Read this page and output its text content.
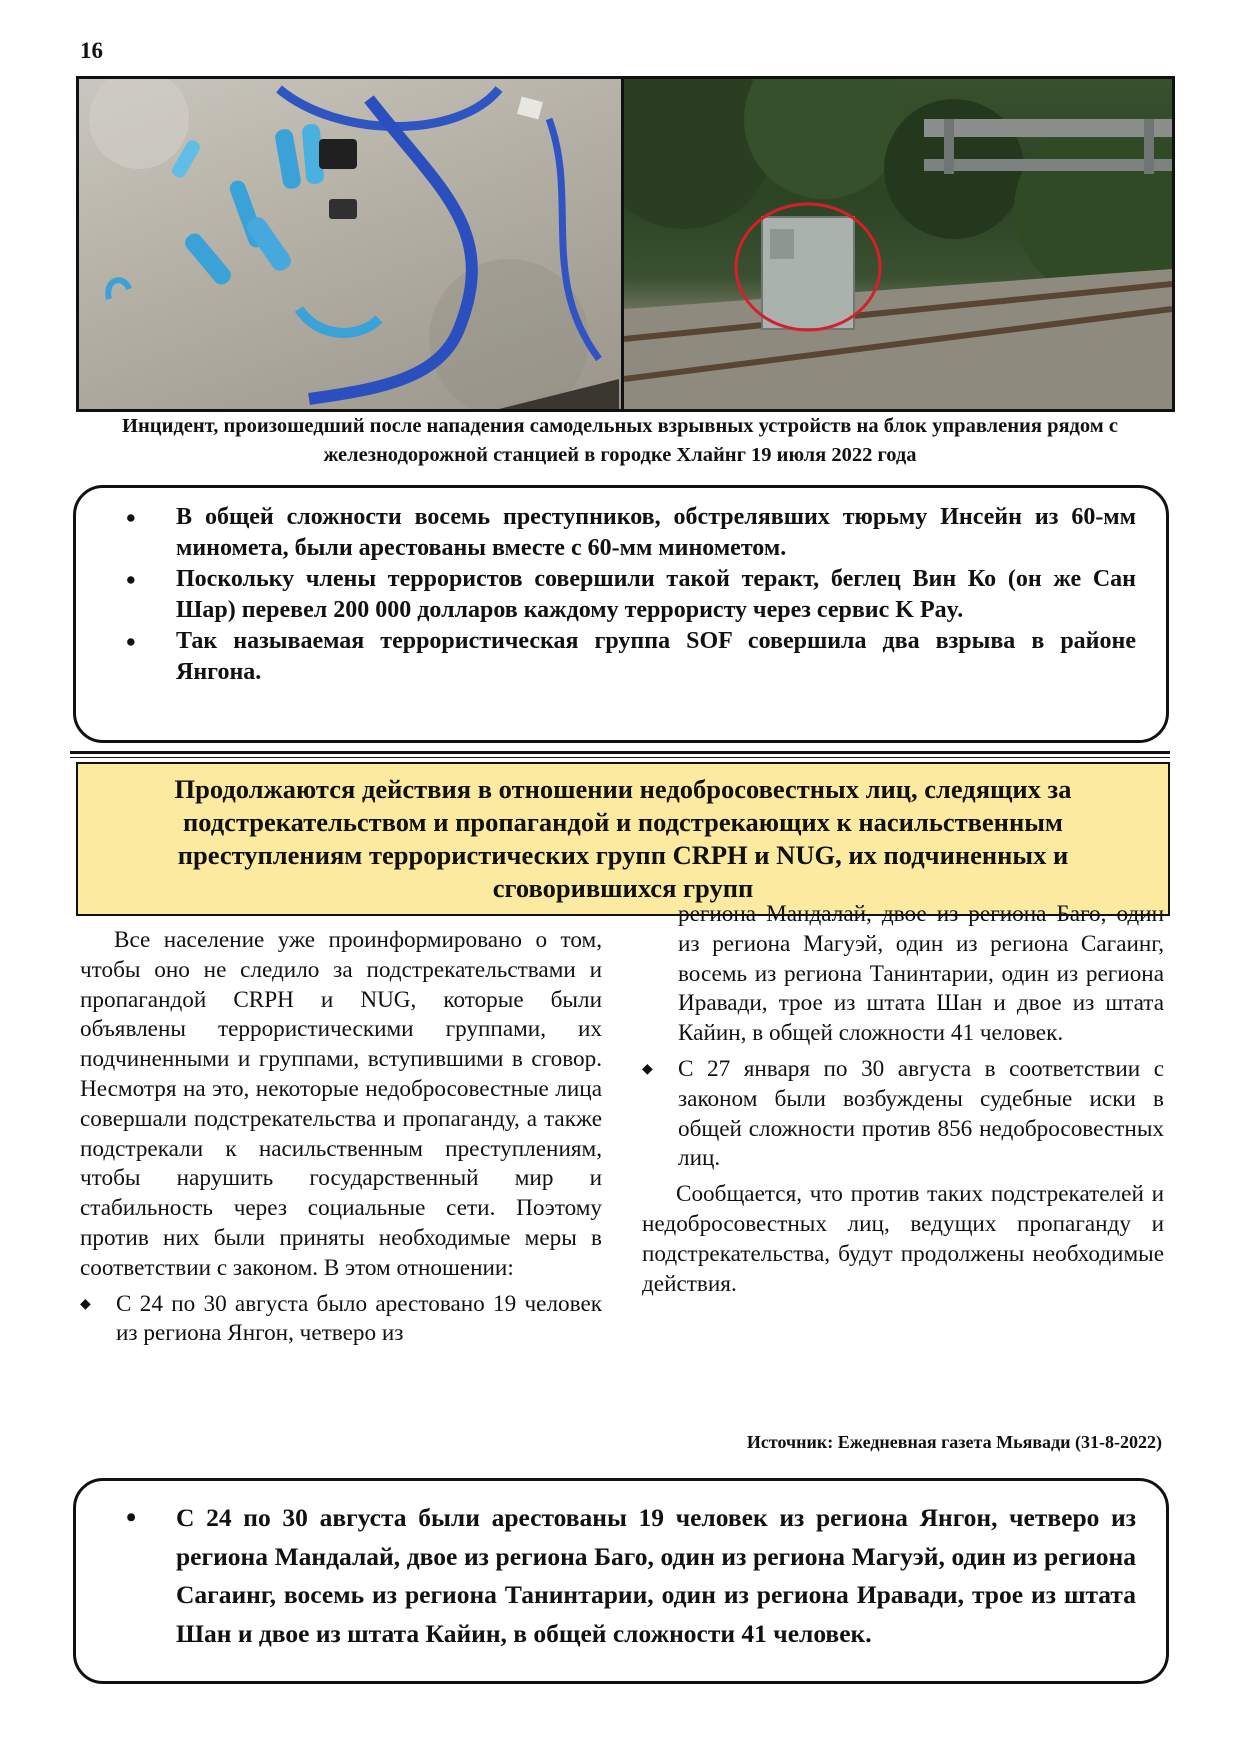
16
Инцидент, произошедший после нападения самодельных взрывных устройств на блок управления рядом с железнодорожной станцией в городке Хлайнг 19 июля 2022 года
• В общей сложности восемь преступников, обстрелявших тюрьму Инсейн из 60-мм миномета, были арестованы вместе с 60-мм минометом.
• Поскольку члены террористов совершили такой теракт, беглец Вин Ко (он же Сан Шар) перевел 200 000 долларов каждому террористу через сервис K Pay.
• Так называемая террористическая группа SOF совершила два взрыва в районе Янгона.
Продолжаются действия в отношении недобросовестных лиц, следящих за подстрекательством и пропагандой и подстрекающих к насильственным преступлениям террористических групп CRPH и NUG, их подчиненных и сговорившихся групп

Все население уже проинформировано о том, чтобы оно не следило за подстрекательствами и пропагандой CRPH и NUG, которые были объявлены террористическими группами, их подчиненными и группами, вступившими в сговор. Несмотря на это, некоторые недобросовестные лица совершали подстрекательства и пропаганду, а также подстрекали к насильственным преступлениям, чтобы нарушить государственный мир и стабильность через социальные сети. Поэтому против них были приняты необходимые меры в соответствии с законом. В этом отношении:

◆ С 24 по 30 августа было арестовано 19 человек из региона Янгон, четверо из

региона Мандалай, двое из региона Баго, один из региона Магуэй, один из региона Сагаинг, восемь из региона Танинтарии, один из региона Иравади, трое из штата Шан и двое из штата Кайин, в общей сложности 41 человек.

◆ С 27 января по 30 августа в соответствии с законом были возбуждены судебные иски в общей сложности против 856 недобросовестных лиц.

Сообщается, что против таких подстрекателей и недобросовестных лиц, ведущих пропаганду и подстрекательства, будут продолжены необходимые действия.

Источник: Ежедневная газета Мьявади (31-8-2022)
• С 24 по 30 августа были арестованы 19 человек из региона Янгон, четверо из региона Мандалай, двое из региона Баго, один из региона Магуэй, один из региона Сагаинг, восемь из региона Танинтарии, один из региона Иравади, трое из штата Шан и двое из штата Кайин, в общей сложности 41 человек.
